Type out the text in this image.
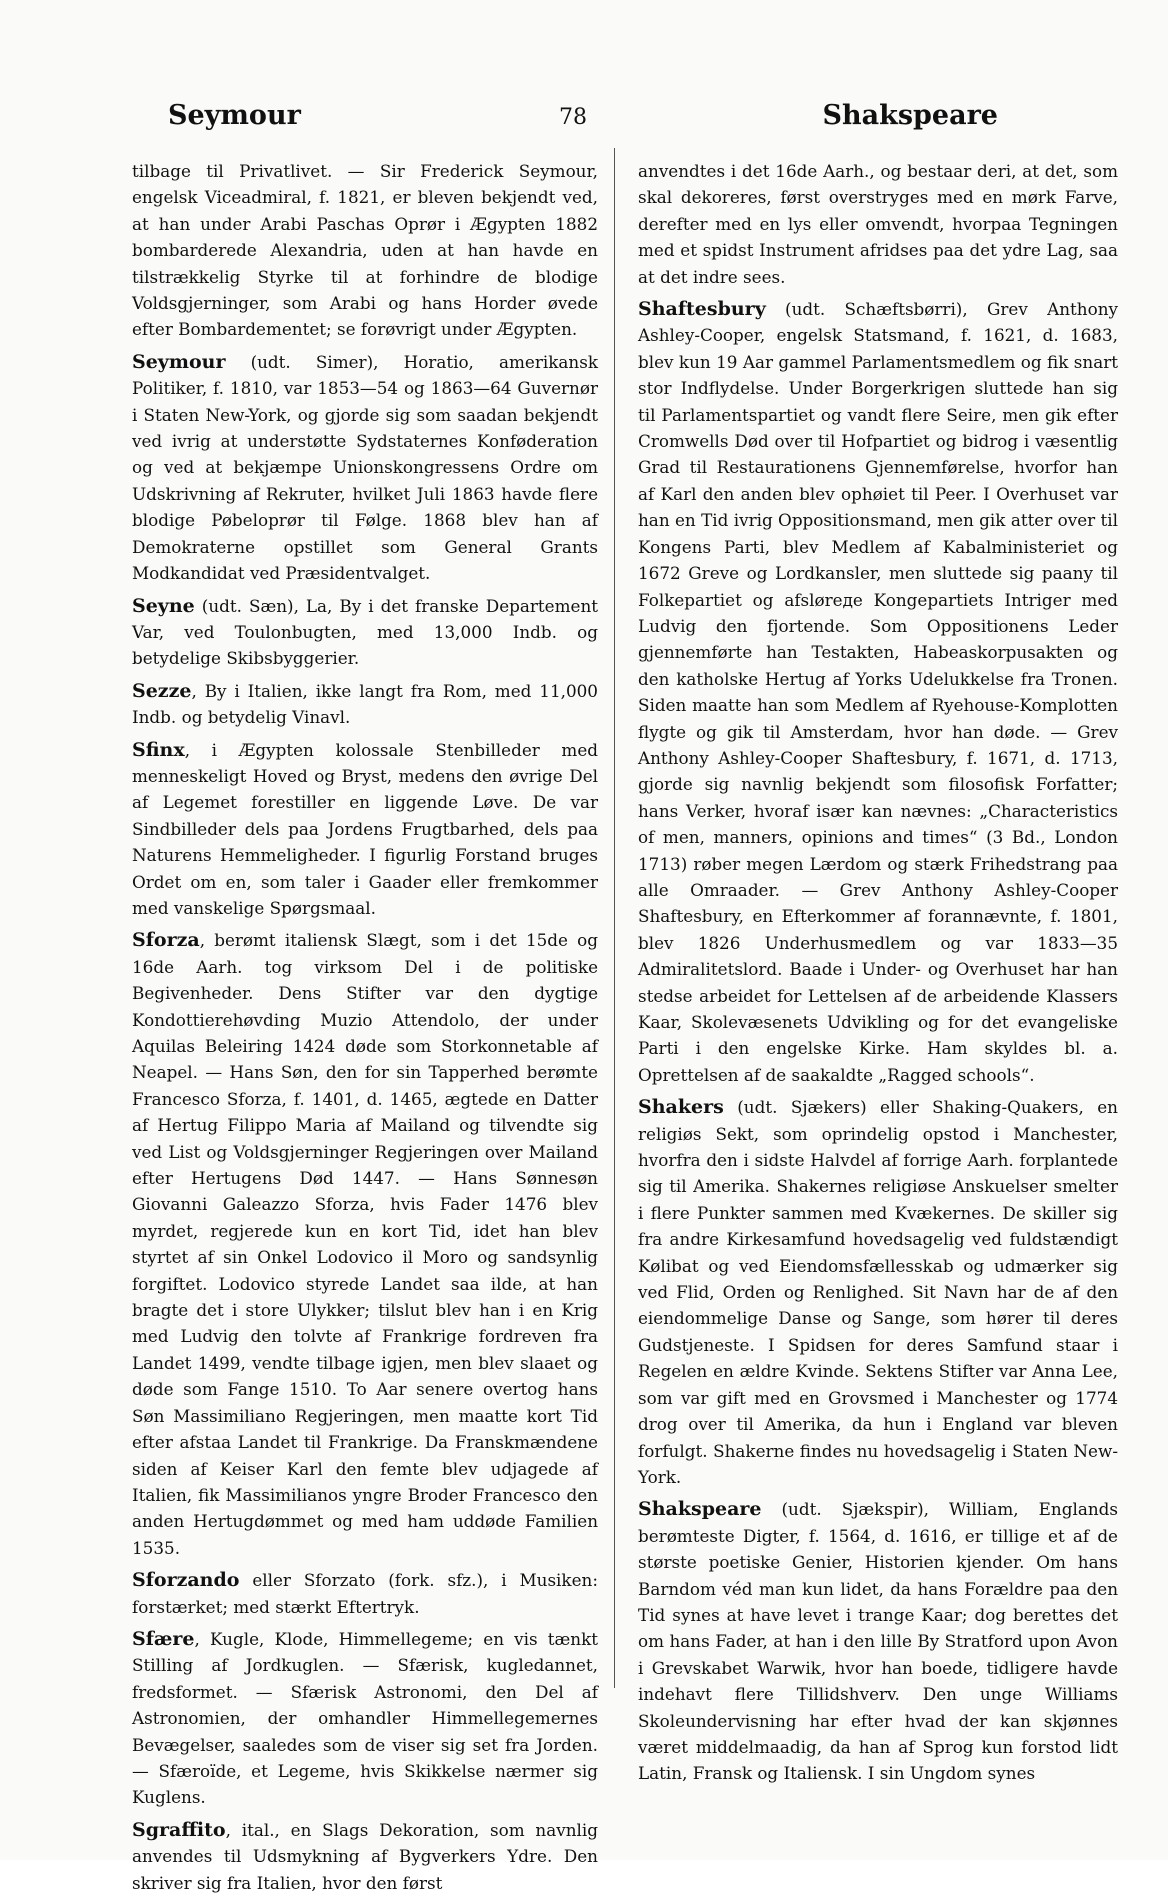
Seymour	78	Shakspeare

tilbage til Privatlivet. — Sir Frederick Seymour, engelsk Viceadmiral, f. 1821, er bleven bekjendt ved, at han under Arabi Paschas Oprør i Ægypten 1882 bombarderede Alexandria, uden at han havde en tilstrækkelig Styrke til at forhindre de blodige Voldsgjerninger, som Arabi og hans Horder øvede efter Bombardementet; se forøvrigt under Ægypten.

Seymour (udt. Simer), Horatio, amerikansk Politiker, f. 1810, var 1853—54 og 1863—64 Guvernør i Staten New-York, og gjorde sig som saadan bekjendt ved ivrig at understøtte Sydstaternes Konføderation og ved at bekjæmpe Unionskongressens Ordre om Udskrivning af Rekruter, hvilket Juli 1863 havde flere blodige Pøbeloprør til Følge. 1868 blev han af Demokraterne opstillet som General Grants Modkandidat ved Præsidentvalget.

Seyne (udt. Sæn), La, By i det franske Departement Var, ved Toulonbugten, med 13,000 Indb. og betydelige Skibsbyggerier.

Sezze, By i Italien, ikke langt fra Rom, med 11,000 Indb. og betydelig Vinavl.

Sfinx, i Ægypten kolossale Stenbilleder med menneskeligt Hoved og Bryst, medens den øvrige Del af Legemet forestiller en liggende Løve. De var Sindbilleder dels paa Jordens Frugtbarhed, dels paa Naturens Hemmeligheder. I figurlig Forstand bruges Ordet om en, som taler i Gaader eller fremkommer med vanskelige Spørgsmaal.

Sforza, berømt italiensk Slægt, som i det 15de og 16de Aarh. tog virksom Del i de politiske Begivenheder. Dens Stifter var den dygtige Kondottierehøvding Muzio Attendolo, der under Aquilas Beleiring 1424 døde som Storkonnetable af Neapel. — Hans Søn, den for sin Tapperhed berømte Francesco Sforza, f. 1401, d. 1465, ægtede en Datter af Hertug Filippo Maria af Mailand og tilvendte sig ved List og Voldsgjerninger Regjeringen over Mailand efter Hertugens Død 1447. — Hans Sønnesøn Giovanni Galeazzo Sforza, hvis Fader 1476 blev myrdet, regjerede kun en kort Tid, idet han blev styrtet af sin Onkel Lodovico il Moro og sandsynlig forgiftet. Lodovico styrede Landet saa ilde, at han bragte det i store Ulykker; tilslut blev han i en Krig med Ludvig den tolvte af Frankrige fordreven fra Landet 1499, vendte tilbage igjen, men blev slaaet og døde som Fange 1510. To Aar senere overtog hans Søn Massimiliano Regjeringen, men maatte kort Tid efter afstaa Landet til Frankrige. Da Franskmændene siden af Keiser Karl den femte blev udjagede af Italien, fik Massimilianos yngre Broder Francesco den anden Hertugdømmet og med ham uddøde Familien 1535.

Sforzando eller Sforzato (fork. sfz.), i Musiken: forstærket; med stærkt Eftertryk.

Sfære, Kugle, Klode, Himmellegeme; en vis tænkt Stilling af Jordkuglen. — Sfærisk, kugledannet, fredsformet. — Sfærisk Astronomi, den Del af Astronomien, der omhandler Himmellegemernes Bevægelser, saaledes som de viser sig set fra Jorden. — Sfæroïde, et Legeme, hvis Skikkelse nærmer sig Kuglens.

Sgraffito, ital., en Slags Dekoration, som navnlig anvendes til Udsmykning af Bygverkers Ydre. Den skriver sig fra Italien, hvor den først

anvendtes i det 16de Aarh., og bestaar deri, at det, som skal dekoreres, først overstryges med en mørk Farve, derefter med en lys eller omvendt, hvorpaa Tegningen med et spidst Instrument afridses paa det ydre Lag, saa at det indre sees.

Shaftesbury (udt. Schæftsbørri), Grev Anthony Ashley-Cooper, engelsk Statsmand, f. 1621, d. 1683, blev kun 19 Aar gammel Parlamentsmedlem og fik snart stor Indflydelse. Under Borgerkrigen sluttede han sig til Parlamentspartiet og vandt flere Seire, men gik efter Cromwells Død over til Hofpartiet og bidrog i væsentlig Grad til Restaurationens Gjennemførelse, hvorfor han af Karl den anden blev ophøiet til Peer. I Overhuset var han en Tid ivrig Oppositionsmand, men gik atter over til Kongens Parti, blev Medlem af Kabalministeriet og 1672 Greve og Lordkansler, men sluttede sig paany til Folkepartiet og afsløreде Kongepartiets Intriger med Ludvig den fjortende. Som Oppositionens Leder gjennemførte han Testakten, Habeaskorpusakten og den katholske Hertug af Yorks Udelukkelse fra Tronen. Siden maatte han som Medlem af Ryehouse-Komplotten flygte og gik til Amsterdam, hvor han døde. — Grev Anthony Ashley-Cooper Shaftesbury, f. 1671, d. 1713, gjorde sig navnlig bekjendt som filosofisk Forfatter; hans Verker, hvoraf især kan nævnes: „Characteristics of men, manners, opinions and times“ (3 Bd., London 1713) røber megen Lærdom og stærk Frihedstrang paa alle Omraader. — Grev Anthony Ashley-Cooper Shaftesbury, en Efterkommer af forannævnte, f. 1801, blev 1826 Underhusmedlem og var 1833—35 Admiralitetslord. Baade i Under- og Overhuset har han stedse arbeidet for Lettelsen af de arbeidende Klassers Kaar, Skolevæsenets Udvikling og for det evangeliske Parti i den engelske Kirke. Ham skyldes bl. a. Oprettelsen af de saakaldte „Ragged schools“.

Shakers (udt. Sjækers) eller Shaking-Quakers, en religiøs Sekt, som oprindelig opstod i Manchester, hvorfra den i sidste Halvdel af forrige Aarh. forplantede sig til Amerika. Shakernes religiøse Anskuelser smelter i flere Punkter sammen med Kvækernes. De skiller sig fra andre Kirkesamfund hovedsagelig ved fuldstændigt Kølibat og ved Eiendomsfællesskab og udmærker sig ved Flid, Orden og Renlighed. Sit Navn har de af den eiendommelige Danse og Sange, som hører til deres Gudstjeneste. I Spidsen for deres Samfund staar i Regelen en ældre Kvinde. Sektens Stifter var Anna Lee, som var gift med en Grovsmed i Manchester og 1774 drog over til Amerika, da hun i England var bleven forfulgt. Shakerne findes nu hovedsagelig i Staten New-York.

Shakspeare (udt. Sjækspir), William, Englands berømteste Digter, f. 1564, d. 1616, er tillige et af de største poetiske Genier, Historien kjender. Om hans Barndom véd man kun lidet, da hans Forældre paa den Tid synes at have levet i trange Kaar; dog berettes det om hans Fader, at han i den lille By Stratford upon Avon i Grevskabet Warwik, hvor han boede, tidligere havde indehavt flere Tillidshverv. Den unge Williams Skoleundervisning har efter hvad der kan skjønnes været middelmaadig, da han af Sprog kun forstod lidt Latin, Fransk og Italiensk. I sin Ungdom synes
